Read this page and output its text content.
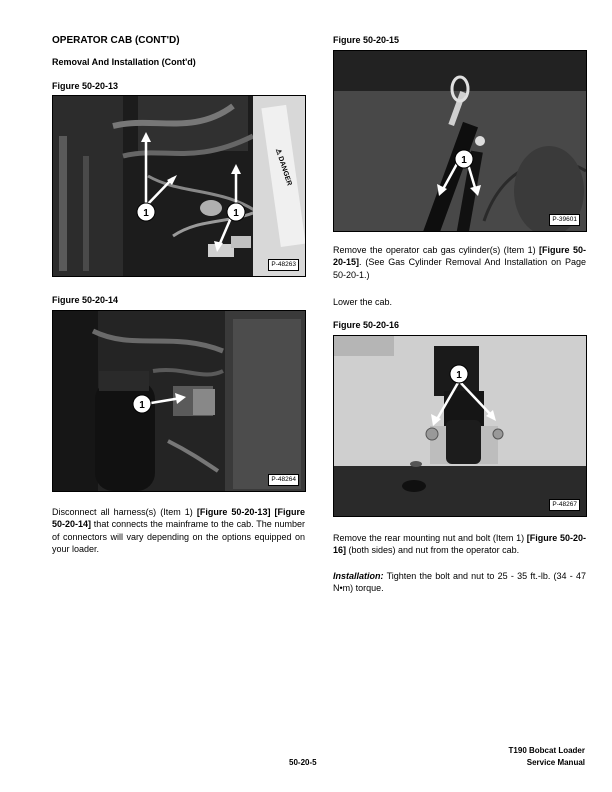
OPERATOR CAB (CONT'D)
Removal And Installation (Cont'd)
Figure 50-20-13
⚠ DANGER
1	1
P-48263
Figure 50-20-14
1
P-48264

Disconnect all harness(s) (Item 1) [Figure 50-20-13] [Figure 50-20-14] that connects the mainframe to the cab. The number of connectors will vary depending on the options equipped on your loader.

Figure 50-20-15
1
P-39601

Remove the operator cab gas cylinder(s) (Item 1) [Figure 50-20-15]. (See Gas Cylinder Removal And Installation on Page 50-20-1.)

Lower the cab.

Figure 50-20-16
1
P-48267

Remove the rear mounting nut and bolt (Item 1) [Figure 50-20-16] (both sides) and nut from the operator cab.

Installation: Tighten the bolt and nut to 25 - 35 ft.-lb. (34 - 47 N•m) torque.

50-20-5
T190 Bobcat Loader
Service Manual
